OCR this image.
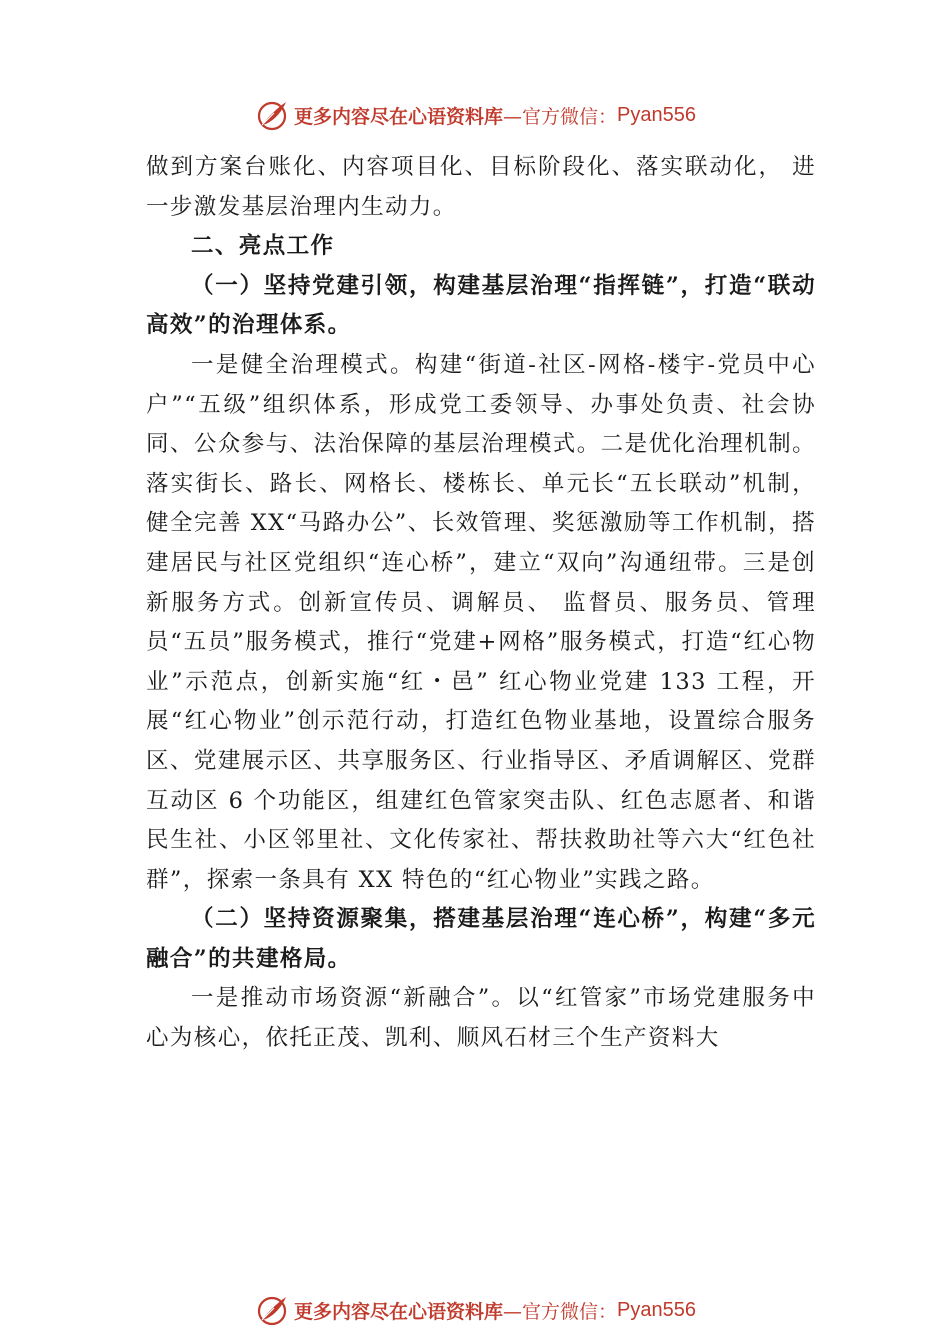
更多内容尽在心语资料库 —官方微信： Pyan556

做到方案台账化、内容项目化、目标阶段化、落实联动化， 进一步激发基层治理内生动力。

二、亮点工作

（一）坚持党建引领，构建基层治理“指挥链”，打造“联动高效”的治理体系。

一是健全治理模式。构建“街道-社区-网格-楼宇-党员中心户”“五级”组织体系，形成党工委领导、办事处负责、社会协同、公众参与、法治保障的基层治理模式。二是优化治理机制。落实街长、路长、网格长、楼栋长、单元长“五长联动”机制，健全完善 XX“马路办公”、长效管理、奖惩激励等工作机制，搭建居民与社区党组织“连心桥”，建立“双向”沟通纽带。三是创新服务方式。创新宣传员、调解员、 监督员、服务员、管理员“五员”服务模式，推行“党建+网格”服务模式，打造“红心物业”示范点，创新实施“红・邑” 红心物业党建 133 工程，开展“红心物业”创示范行动，打造红色物业基地，设置综合服务区、党建展示区、共享服务区、行业指导区、矛盾调解区、党群互动区 6 个功能区，组建红色管家突击队、红色志愿者、和谐民生社、小区邻里社、文化传家社、帮扶救助社等六大“红色社群”，探索一条具有 XX 特色的“红心物业”实践之路。

（二）坚持资源聚集，搭建基层治理“连心桥”，构建“多元融合”的共建格局。

一是推动市场资源“新融合”。以“红管家”市场党建服务中心为核心，依托正茂、凯利、顺风石材三个生产资料大

更多内容尽在心语资料库 —官方微信： Pyan556
